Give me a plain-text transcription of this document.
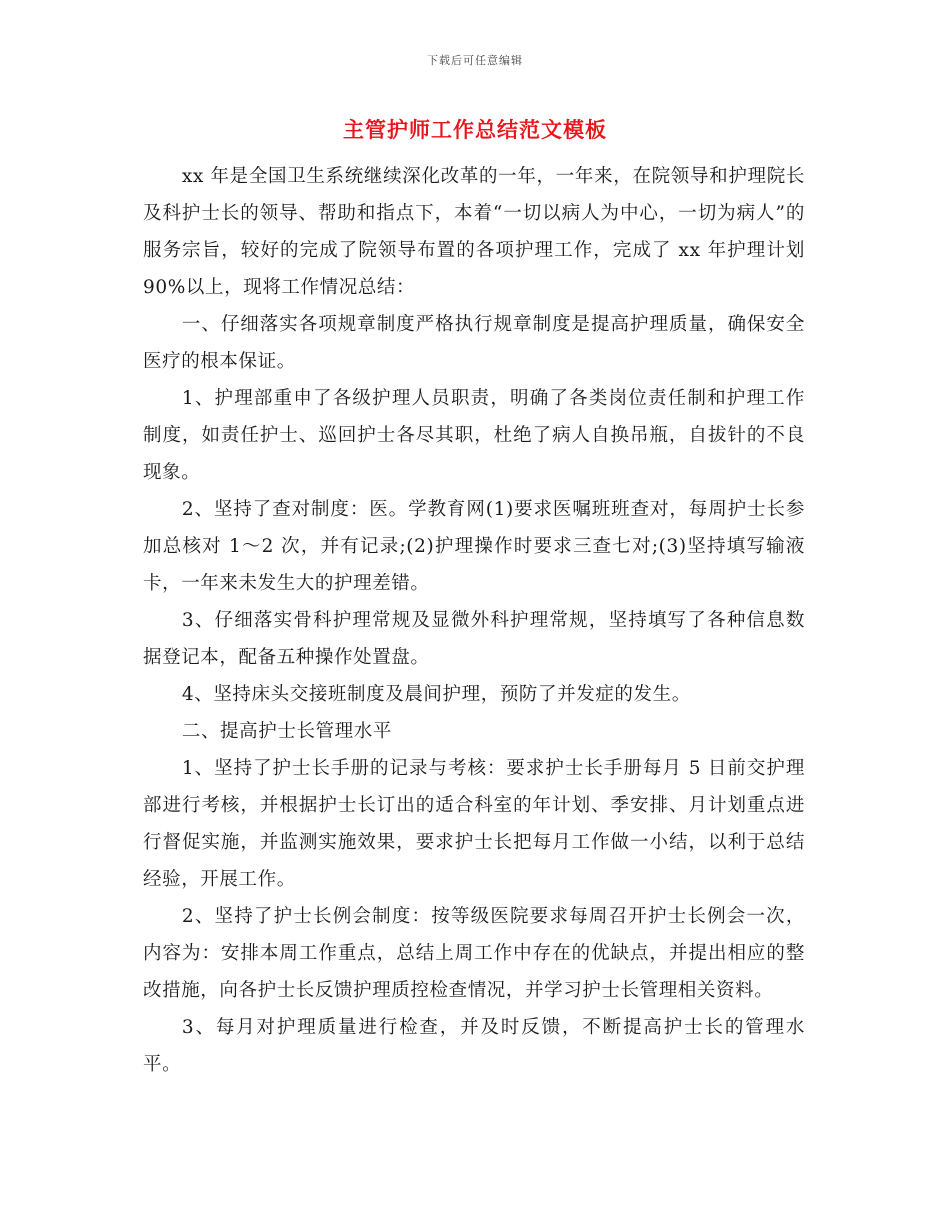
下载后可任意编辑
主管护师工作总结范文模板

xx 年是全国卫生系统继续深化改革的一年，一年来，在院领导和护理院长及科护士长的领导、帮助和指点下，本着“一切以病人为中心，一切为病人”的服务宗旨，较好的完成了院领导布置的各项护理工作，完成了 xx 年护理计划 90%以上，现将工作情况总结：

一、仔细落实各项规章制度严格执行规章制度是提高护理质量，确保安全医疗的根本保证。

1、护理部重申了各级护理人员职责，明确了各类岗位责任制和护理工作制度，如责任护士、巡回护士各尽其职，杜绝了病人自换吊瓶，自拔针的不良现象。

2、坚持了查对制度：医。学教育网(1)要求医嘱班班查对，每周护士长参加总核对 1～2 次，并有记录;(2)护理操作时要求三查七对;(3)坚持填写输液卡，一年来未发生大的护理差错。

3、仔细落实骨科护理常规及显微外科护理常规，坚持填写了各种信息数据登记本，配备五种操作处置盘。

4、坚持床头交接班制度及晨间护理，预防了并发症的发生。

二、提高护士长管理水平

1、坚持了护士长手册的记录与考核：要求护士长手册每月 5 日前交护理部进行考核，并根据护士长订出的适合科室的年计划、季安排、月计划重点进行督促实施，并监测实施效果，要求护士长把每月工作做一小结，以利于总结经验，开展工作。

2、坚持了护士长例会制度：按等级医院要求每周召开护士长例会一次，内容为：安排本周工作重点，总结上周工作中存在的优缺点，并提出相应的整改措施，向各护士长反馈护理质控检查情况，并学习护士长管理相关资料。

3、每月对护理质量进行检查，并及时反馈，不断提高护士长的管理水平。
